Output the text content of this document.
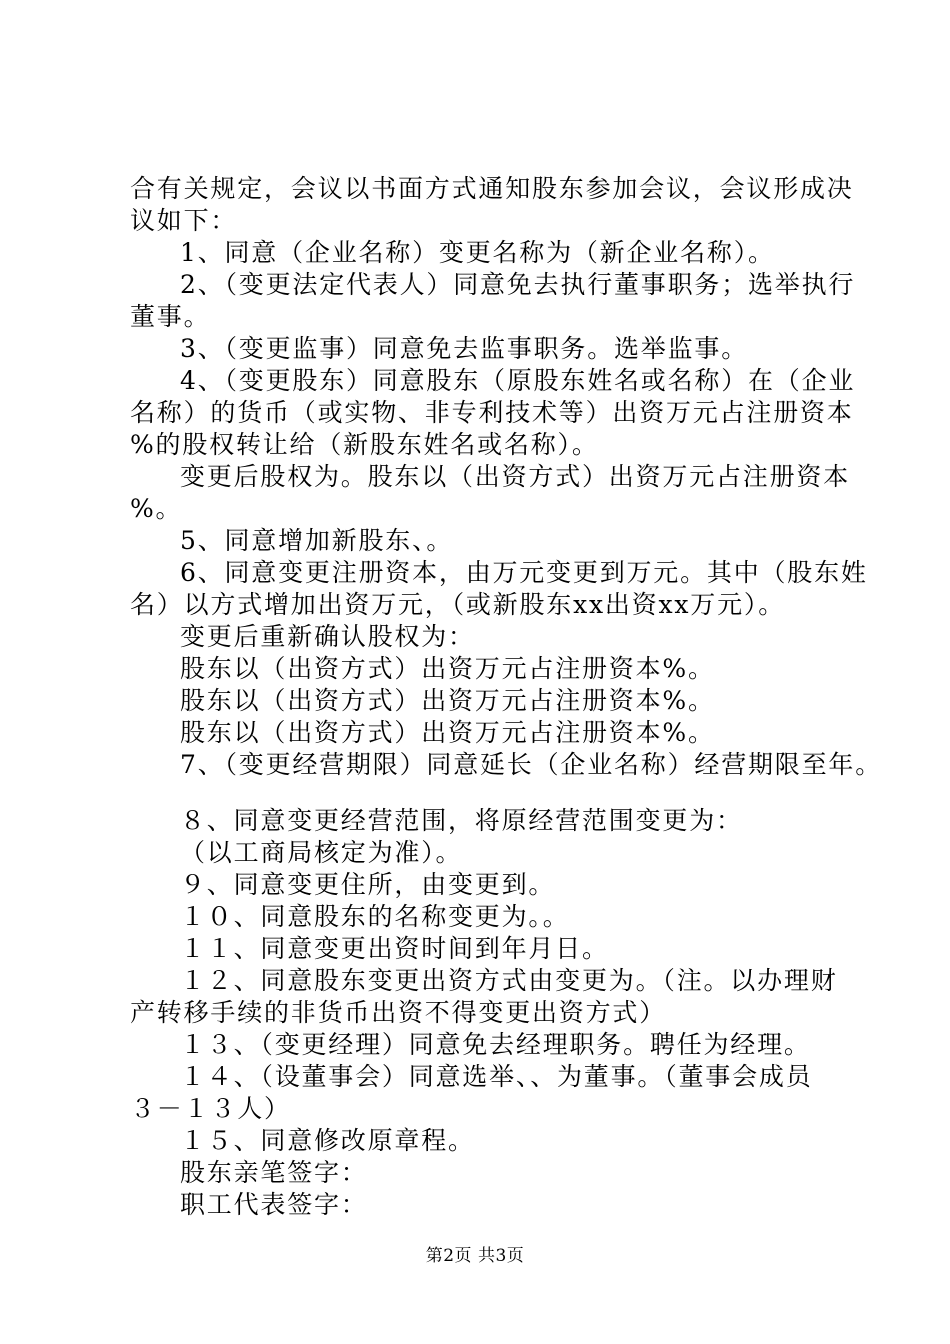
合有关规定，会议以书面方式通知股东参加会议，会议形成决
议如下：
1、同意（企业名称）变更名称为（新企业名称）。
2、（变更法定代表人）同意免去执行董事职务；选举执行
董事。
3、（变更监事）同意免去监事职务。选举监事。
4、（变更股东）同意股东（原股东姓名或名称）在（企业
名称）的货币（或实物、非专利技术等）出资万元占注册资本
%的股权转让给（新股东姓名或名称）。
变更后股权为。股东以（出资方式）出资万元占注册资本
%。
5、同意增加新股东、。
6、同意变更注册资本，由万元变更到万元。其中（股东姓
名）以方式增加出资万元，（或新股东xx出资xx万元）。
变更后重新确认股权为：
股东以（出资方式）出资万元占注册资本%。
股东以（出资方式）出资万元占注册资本%。
股东以（出资方式）出资万元占注册资本%。
7、（变更经营期限）同意延长（企业名称）经营期限至年。
８、同意变更经营范围，将原经营范围变更为：
（以工商局核定为准）。
９、同意变更住所，由变更到。
１０、同意股东的名称变更为。。
１１、同意变更出资时间到年月日。
１２、同意股东变更出资方式由变更为。（注。以办理财
产转移手续的非货币出资不得变更出资方式）
１３、（变更经理）同意免去经理职务。聘任为经理。
１４、（设董事会）同意选举、、为董事。（董事会成员
３－１３人）
１５、同意修改原章程。
股东亲笔签字：
职工代表签字：
第2页 共3页
